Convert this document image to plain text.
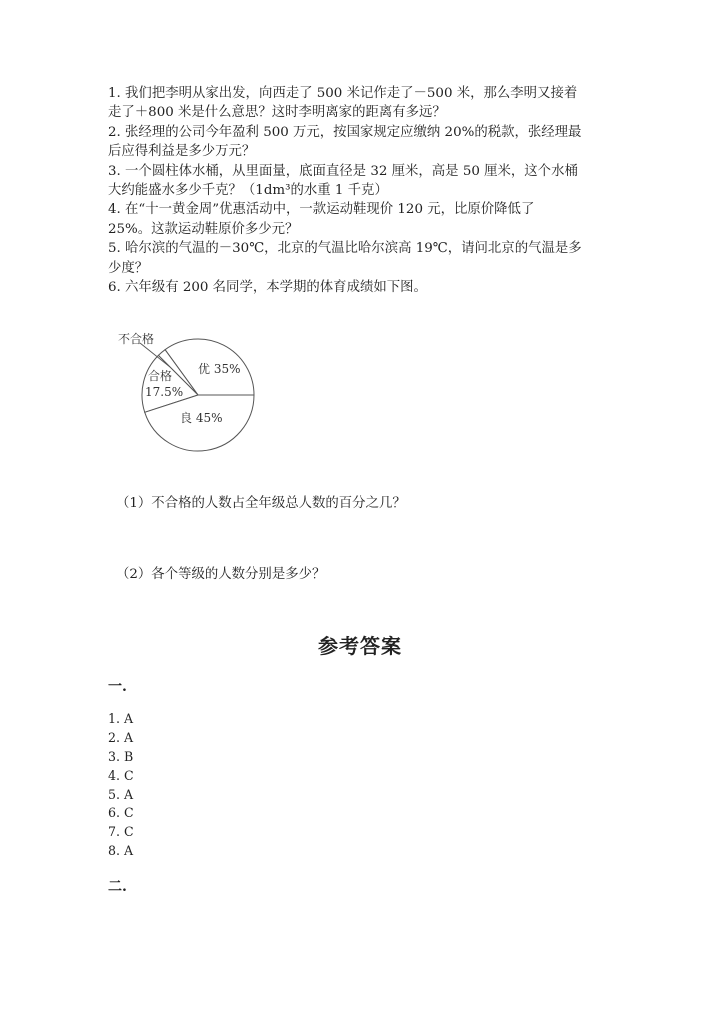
1. 我们把李明从家出发，向西走了 500 米记作走了－500 米，那么李明又接着

走了＋800 米是什么意思？这时李明离家的距离有多远？

2. 张经理的公司今年盈利 500 万元，按国家规定应缴纳 20%的税款，张经理最

后应得利益是多少万元？

3. 一个圆柱体水桶，从里面量，底面直径是 32 厘米，高是 50 厘米，这个水桶

大约能盛水多少千克？（1dm³的水重 1 千克）

4. 在“十一黄金周”优惠活动中，一款运动鞋现价 120 元，比原价降低了

25%。这款运动鞋原价多少元？

5. 哈尔滨的气温的－30℃，北京的气温比哈尔滨高 19℃，请问北京的气温是多

少度？

6. 六年级有 200 名同学，本学期的体育成绩如下图。

不合格
优 35%
合格
17.5%
良 45%
（1）不合格的人数占全年级总人数的百分之几？
（2）各个等级的人数分别是多少？
参考答案
一.
1. A
2. A
3. B
4. C
5. A
6. C
7. C
8. A
二.
